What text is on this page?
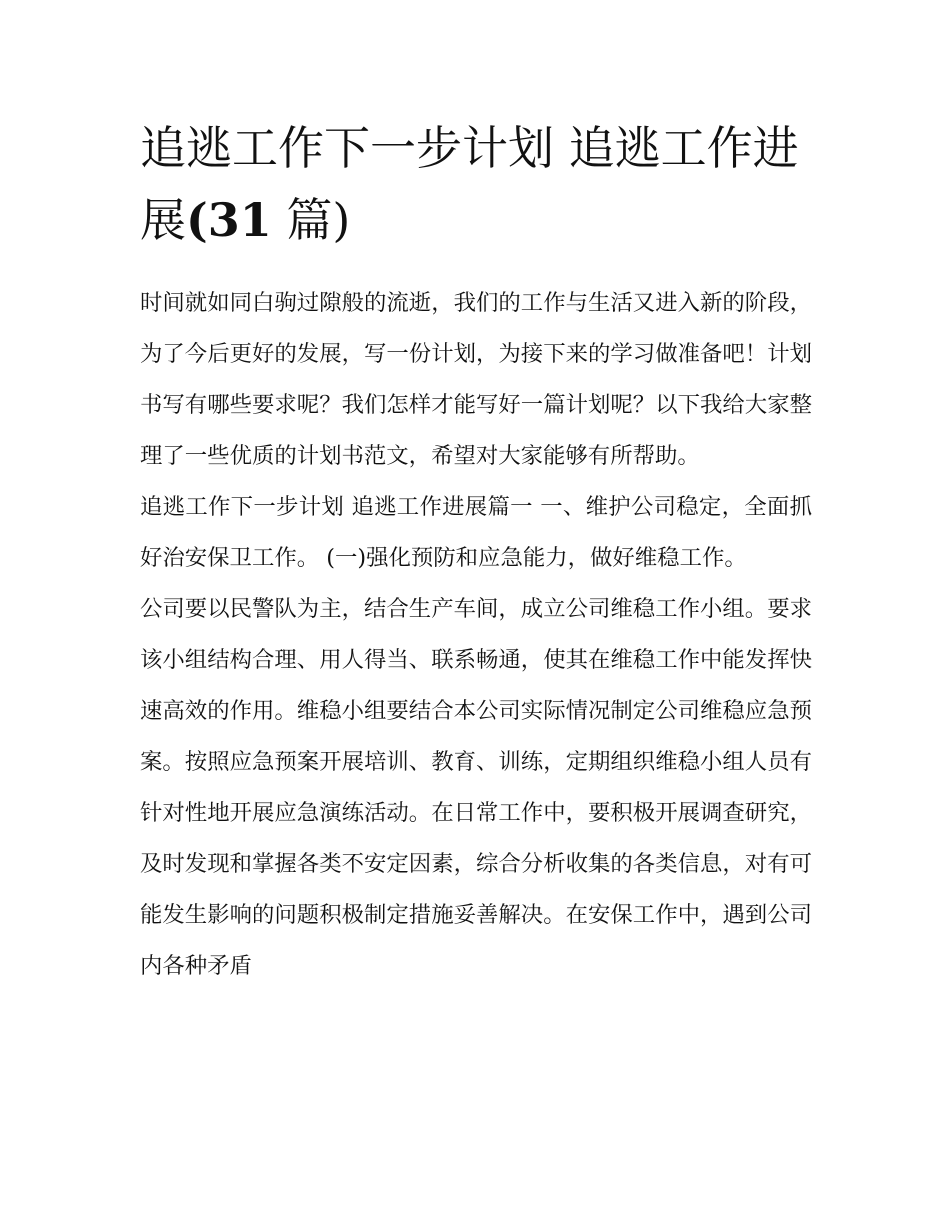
追逃工作下一步计划 追逃工作进展(31 篇)

时间就如同白驹过隙般的流逝，我们的工作与生活又进入新的阶段，为了今后更好的发展，写一份计划，为接下来的学习做准备吧！计划书写有哪些要求呢？我们怎样才能写好一篇计划呢？以下我给大家整理了一些优质的计划书范文，希望对大家能够有所帮助。

追逃工作下一步计划 追逃工作进展篇一 一、维护公司稳定，全面抓好治安保卫工作。 (一)强化预防和应急能力，做好维稳工作。

公司要以民警队为主，结合生产车间，成立公司维稳工作小组。要求该小组结构合理、用人得当、联系畅通，使其在维稳工作中能发挥快速高效的作用。维稳小组要结合本公司实际情况制定公司维稳应急预案。按照应急预案开展培训、教育、训练，定期组织维稳小组人员有针对性地开展应急演练活动。在日常工作中，要积极开展调查研究，及时发现和掌握各类不安定因素，综合分析收集的各类信息，对有可能发生影响的问题积极制定措施妥善解决。在安保工作中，遇到公司内各种矛盾
